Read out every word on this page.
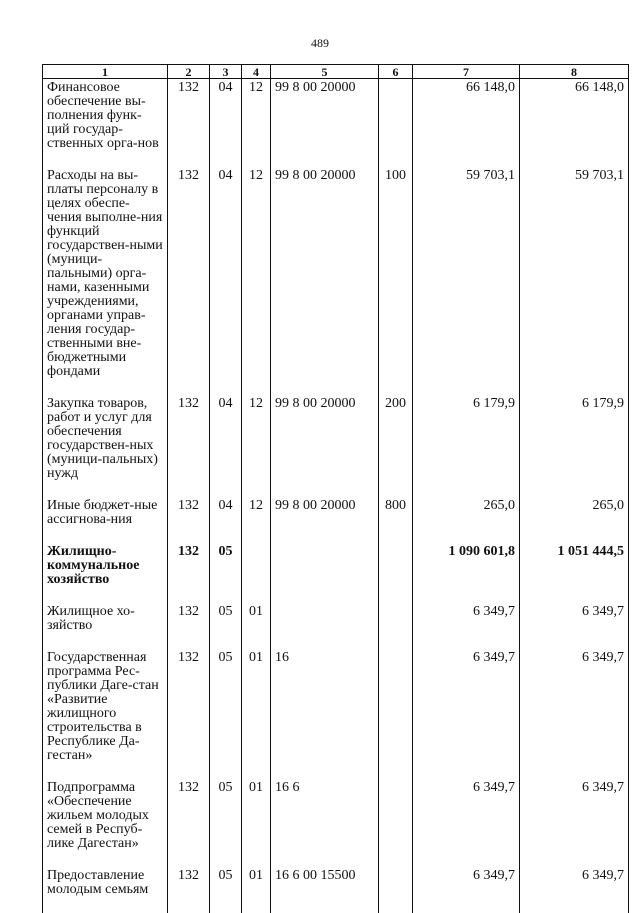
489
1	2	3	4	5	6	7	8
Финансовое обеспечение вы-полнения функ-ций государ-ственных орга-нов	132	04	12	99 8 00 20000		66 148,0	66 148,0
Расходы на вы-платы персоналу в целях обеспе-чения выполне-ния функций государствен-ными (муници-пальными) орга-нами, казенными учреждениями, органами управ-ления государ-ственными вне-бюджетными фондами	132	04	12	99 8 00 20000	100	59 703,1	59 703,1
Закупка товаров, работ и услуг для обеспечения государствен-ных (муници-пальных) нужд	132	04	12	99 8 00 20000	200	6 179,9	6 179,9
Иные бюджет-ные ассигнова-ния	132	04	12	99 8 00 20000	800	265,0	265,0
Жилищно-коммунальное хозяйство	132	05				1 090 601,8	1 051 444,5
Жилищное хо-зяйство	132	05	01			6 349,7	6 349,7
Государственная программа Рес-публики Даге-стан «Развитие жилищного строительства в Республике Да-гестан»	132	05	01	16		6 349,7	6 349,7
Подпрограмма «Обеспечение жильем молодых семей в Респуб-лике Дагестан»	132	05	01	16 6		6 349,7	6 349,7
Предоставление молодым семьям	132	05	01	16 6 00 15500		6 349,7	6 349,7
